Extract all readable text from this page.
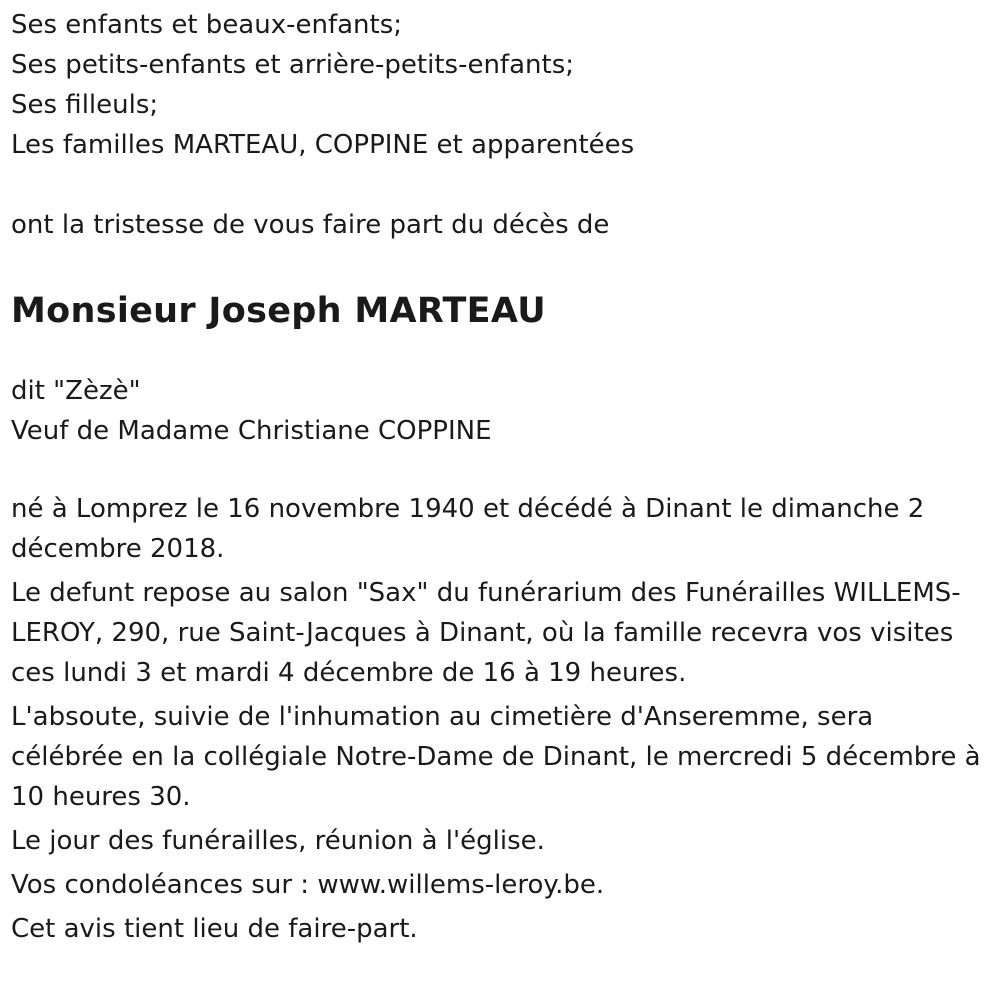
Ses enfants et beaux-enfants;
Ses petits-enfants et arrière-petits-enfants;
Ses filleuls;
Les familles MARTEAU, COPPINE et apparentées
ont la tristesse de vous faire part du décès de
Monsieur Joseph MARTEAU
dit "Zèzè"
Veuf de Madame Christiane COPPINE
né à Lomprez le 16 novembre 1940 et décédé à Dinant le dimanche 2 décembre 2018.
Le defunt repose au salon "Sax" du funérarium des Funérailles WILLEMS-LEROY, 290, rue Saint-Jacques à Dinant, où la famille recevra vos visites ces lundi 3 et mardi 4 décembre de 16 à 19 heures.
L'absoute, suivie de l'inhumation au cimetière d'Anseremme, sera célébrée en la collégiale Notre-Dame de Dinant, le mercredi 5 décembre à 10 heures 30.
Le jour des funérailles, réunion à l'église.
Vos condoléances sur : www.willems-leroy.be.
Cet avis tient lieu de faire-part.
